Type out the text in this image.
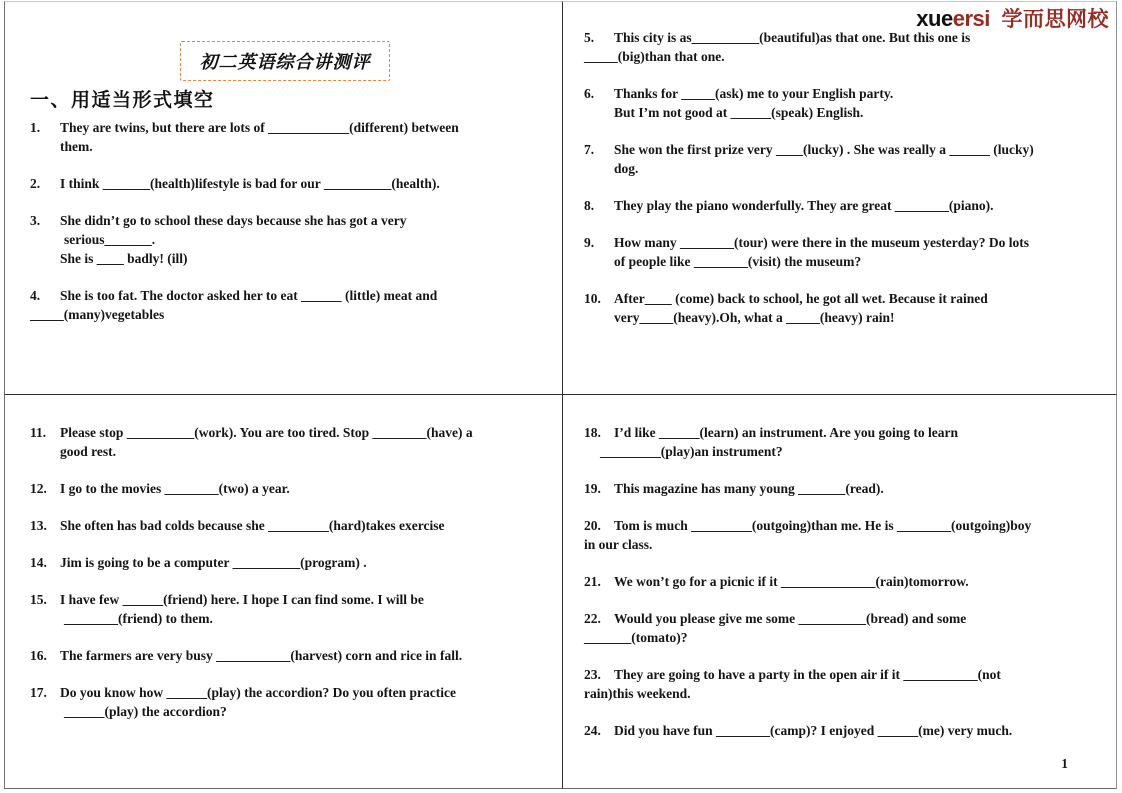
初二英语综合讲测评
一、用适当形式填空
1. They are twins, but there are lots of ____________(different) between
them.
2. I think _______(health)lifestyle is bad for our __________(health).
3. She didn’t go to school these days because she has got a very
serious_______.
She is ____ badly! (ill)
4. She is too fat. The doctor asked her to eat ______ (little) meat and
_____(many)vegetables
5. This city is as__________(beautiful)as that one. But this one is
_____(big)than that one.
6. Thanks for _____(ask) me to your English party.
But I’m not good at ______(speak) English.
7. She won the first prize very ____(lucky) . She was really a ______ (lucky)
dog.
8. They play the piano wonderfully. They are great ________(piano).
9. How many ________(tour) were there in the museum yesterday? Do lots
of people like ________(visit) the museum?
10. After____ (come) back to school, he got all wet. Because it rained
very_____(heavy).Oh, what a _____(heavy) rain!
11. Please stop __________(work). You are too tired. Stop ________(have) a
good rest.
12. I go to the movies ________(two) a year.
13. She often has bad colds because she _________(hard)takes exercise
14. Jim is going to be a computer __________(program) .
15. I have few ______(friend) here. I hope I can find some. I will be
________(friend) to them.
16. The farmers are very busy ___________(harvest) corn and rice in fall.
17. Do you know how ______(play) the accordion? Do you often practice
______(play) the accordion?
18. I’d like ______(learn) an instrument. Are you going to learn
_________(play)an instrument?
19. This magazine has many young _______(read).
20. Tom is much _________(outgoing)than me. He is ________(outgoing)boy
in our class.
21. We won’t go for a picnic if it ______________(rain)tomorrow.
22. Would you please give me some __________(bread) and some
_______(tomato)?
23. They are going to have a party in the open air if it ___________(not
rain)this weekend.
24. Did you have fun ________(camp)? I enjoyed ______(me) very much.
1
xueersi 学而思网校
